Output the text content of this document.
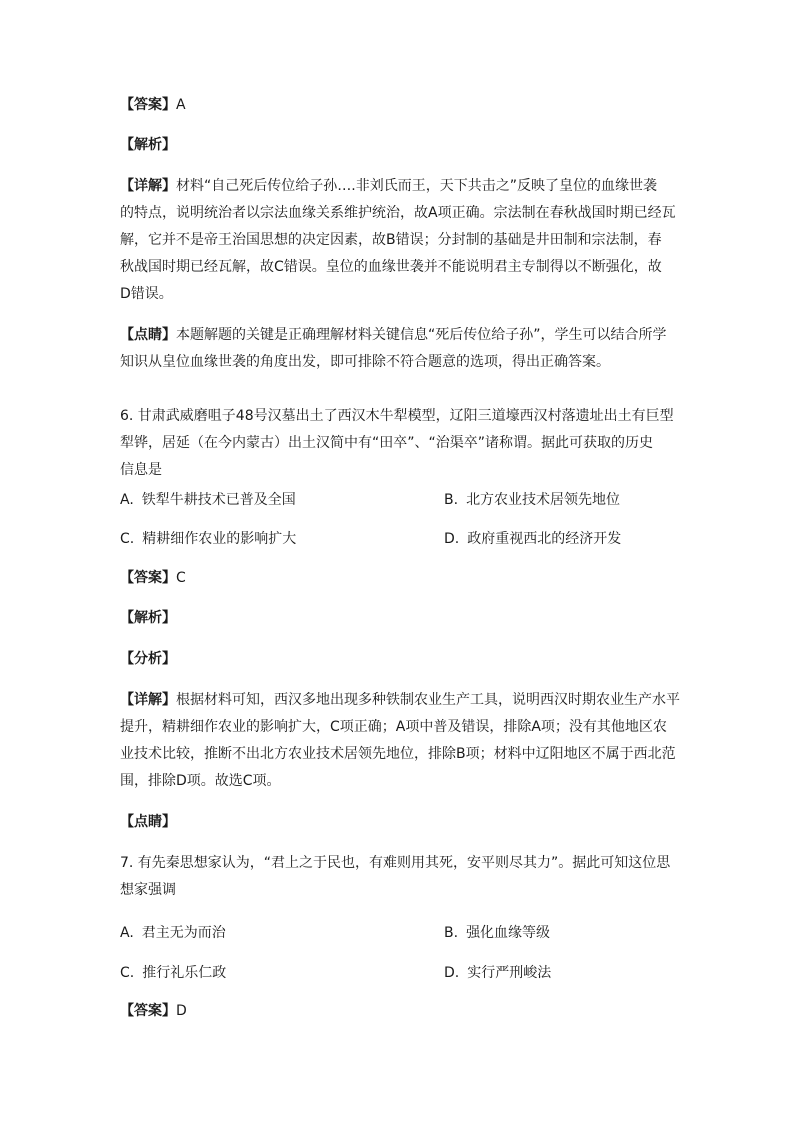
【答案】A

【解析】

【详解】材料“自己死后传位给子孙….非刘氏而王，天下共击之”反映了皇位的血缘世袭
的特点，说明统治者以宗法血缘关系维护统治，故A项正确。宗法制在春秋战国时期已经瓦
解，它并不是帝王治国思想的决定因素，故B错误；分封制的基础是井田制和宗法制，春
秋战国时期已经瓦解，故C错误。皇位的血缘世袭并不能说明君主专制得以不断强化，故
D错误。

【点睛】本题解题的关键是正确理解材料关键信息“死后传位给子孙”，学生可以结合所学
知识从皇位血缘世袭的角度出发，即可排除不符合题意的选项，得出正确答案。

6. 甘肃武威磨咀子48号汉墓出土了西汉木牛犁模型，辽阳三道壕西汉村落遗址出土有巨型
犁铧，居延（在今内蒙古）出土汉简中有“田卒”、“治渠卒”诸称谓。据此可获取的历史
信息是

A. 铁犁牛耕技术已普及全国	B. 北方农业技术居领先地位
C. 精耕细作农业的影响扩大	D. 政府重视西北的经济开发

【答案】C

【解析】

【分析】

【详解】根据材料可知，西汉多地出现多种铁制农业生产工具，说明西汉时期农业生产水平
提升，精耕细作农业的影响扩大，C项正确；A项中普及错误，排除A项；没有其他地区农
业技术比较，推断不出北方农业技术居领先地位，排除B项；材料中辽阳地区不属于西北范
围，排除D项。故选C项。

【点睛】

7. 有先秦思想家认为，“君上之于民也，有难则用其死，安平则尽其力”。据此可知这位思
想家强调

A. 君主无为而治	B. 强化血缘等级
C. 推行礼乐仁政	D. 实行严刑峻法

【答案】D
